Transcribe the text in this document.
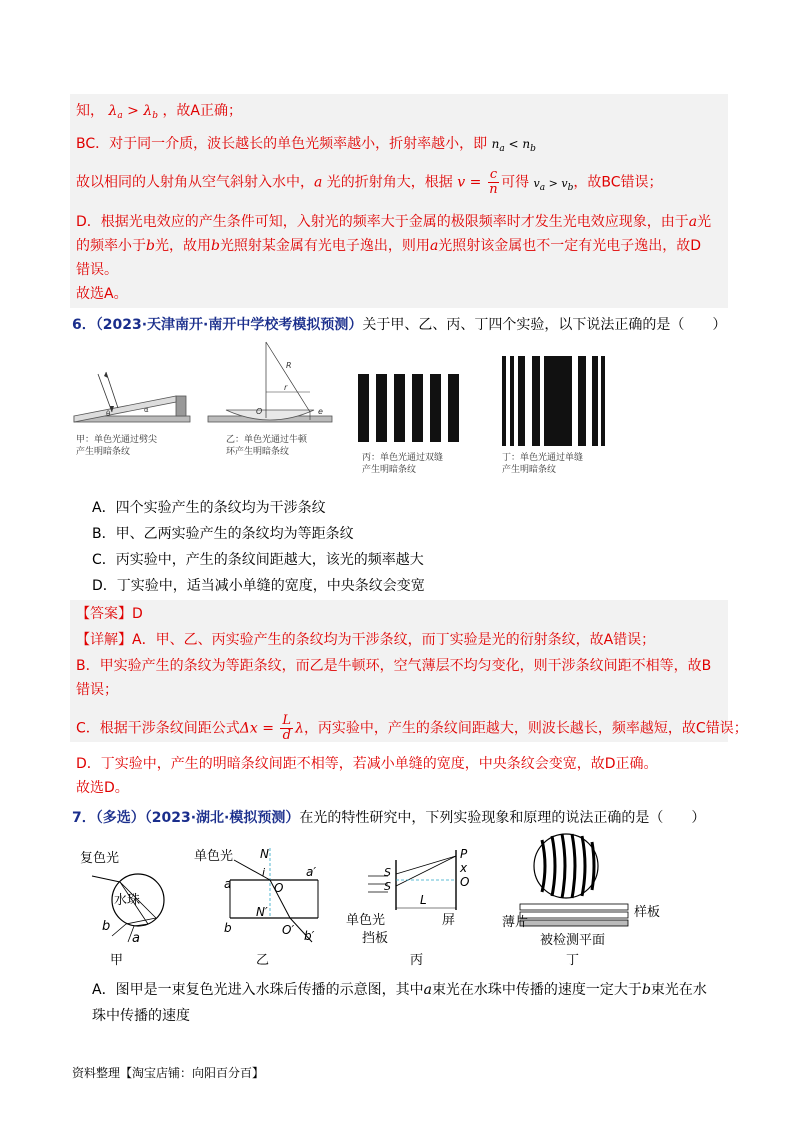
知， $\lambda_a > \lambda_b$ ，故A正确；
BC．对于同一介质，波长越长的单色光频率越小，折射率越小，即 $n_a < n_b$
故以相同的人射角从空气斜射入水中，a 光的折射角大，根据 $v = \frac{c}{n}$ 可得 $v_a > v_b$，故BC错误；
D．根据光电效应的产生条件可知，入射光的频率大于金属的极限频率时才发生光电效应现象，由于a光
的频率小于b光，故用b光照射某金属有光电子逸出，则用a光照射该金属也不一定有光电子逸出，故D
错误。
故选A。
6．（2023·天津南开·南开中学校考模拟预测）关于甲、乙、丙、丁四个实验，以下说法正确的是（　　）
θ	α
甲：单色光通过劈尖
产生明暗条纹
R
r
O	e
乙：单色光通过牛顿
环产生明暗条纹
丙：单色光通过双缝
产生明暗条纹
丁：单色光通过单缝
产生明暗条纹
A．四个实验产生的条纹均为干涉条纹
B．甲、乙两实验产生的条纹均为等距条纹
C．丙实验中，产生的条纹间距越大，该光的频率越大
D．丁实验中，适当减小单缝的宽度，中央条纹会变宽
【答案】D
【详解】A．甲、乙、丙实验产生的条纹均为干涉条纹，而丁实验是光的衍射条纹，故A错误；
B．甲实验产生的条纹为等距条纹，而乙是牛顿环，空气薄层不均匀变化，则干涉条纹间距不相等，故B
错误；
C．根据干涉条纹间距公式$\Delta x = \frac{L}{d}$ λ，丙实验中，产生的条纹间距越大，则波长越长，频率越短，故C错误；
D．丁实验中，产生的明暗条纹间距不相等，若减小单缝的宽度，中央条纹会变宽，故D正确。
故选D。
7．（多选）（2023·湖北·模拟预测）在光的特性研究中，下列实验现象和原理的说法正确的是（　　）
复色光
水珠
b
a
甲
单色光 N
i
a	O
a′
N′
O′
b
b′
乙
S
S
P
x
O
L
单色光
挡板
屏
丙
样板
薄片
被检测平面
丁
A．图甲是一束复色光进入水珠后传播的示意图，其中a束光在水珠中传播的速度一定大于b束光在水
珠中传播的速度
资料整理【淘宝店铺：向阳百分百】
